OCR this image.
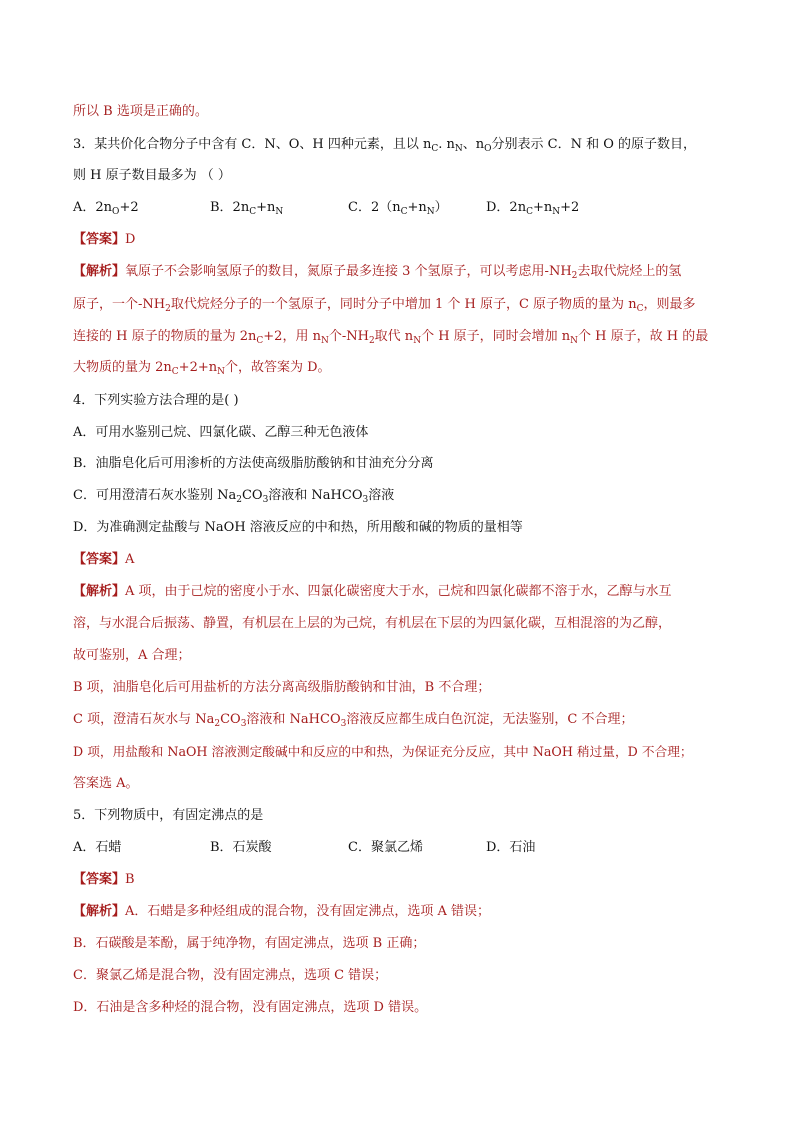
所以 B 选项是正确的。
3．某共价化合物分子中含有 C．N、O、H 四种元素，且以 $n_C$. $n_N$、$n_O$分别表示 C．N 和 O 的原子数目，
则 H 原子数目最多为 （ ）
A．$2n_O+2$	B．$2n_C+n_N$	C．$2(n_C+n_N)$	D．$2n_C+n_N+2$
【答案】D
【解析】氧原子不会影响氢原子的数目，氮原子最多连接 3 个氢原子，可以考虑用$-NH_2$去取代烷烃上的氢
原子，一个$-NH_2$取代烷烃分子的一个氢原子，同时分子中增加 1 个 H 原子，C 原子物质的量为 $n_C$，则最多
连接的 H 原子的物质的量为 $2n_C+2$，用 $n_N$个$-NH_2$取代 $n_N$个 H 原子，同时会增加 $n_N$个 H 原子，故 H 的最
大物质的量为 $2n_C+2+n_N$个，故答案为 D。
4．下列实验方法合理的是( )
A．可用水鉴别己烷、四氯化碳、乙醇三种无色液体
B．油脂皂化后可用渗析的方法使高级脂肪酸钠和甘油充分分离
C．可用澄清石灰水鉴别 $Na_2CO_3$溶液和 NaHCO$_3$溶液
D．为准确测定盐酸与 NaOH 溶液反应的中和热，所用酸和碱的物质的量相等
【答案】A
【解析】A 项，由于己烷的密度小于水、四氯化碳密度大于水，己烷和四氯化碳都不溶于水，乙醇与水互
溶，与水混合后振荡、静置，有机层在上层的为己烷，有机层在下层的为四氯化碳，互相混溶的为乙醇，
故可鉴别，A 合理；
B 项，油脂皂化后可用盐析的方法分离高级脂肪酸钠和甘油，B 不合理；
C 项，澄清石灰水与 $Na_2CO_3$溶液和 NaHCO$_3$溶液反应都生成白色沉淀，无法鉴别，C 不合理；
D 项，用盐酸和 NaOH 溶液测定酸碱中和反应的中和热，为保证充分反应，其中 NaOH 稍过量，D 不合理；
答案选 A。
5．下列物质中，有固定沸点的是
A．石蜡	B．石炭酸	C．聚氯乙烯	D．石油
【答案】B
【解析】A．石蜡是多种烃组成的混合物，没有固定沸点，选项 A 错误；
B．石碳酸是苯酚，属于纯净物，有固定沸点，选项 B 正确；
C．聚氯乙烯是混合物，没有固定沸点，选项 C 错误；
D．石油是含多种烃的混合物，没有固定沸点，选项 D 错误。
